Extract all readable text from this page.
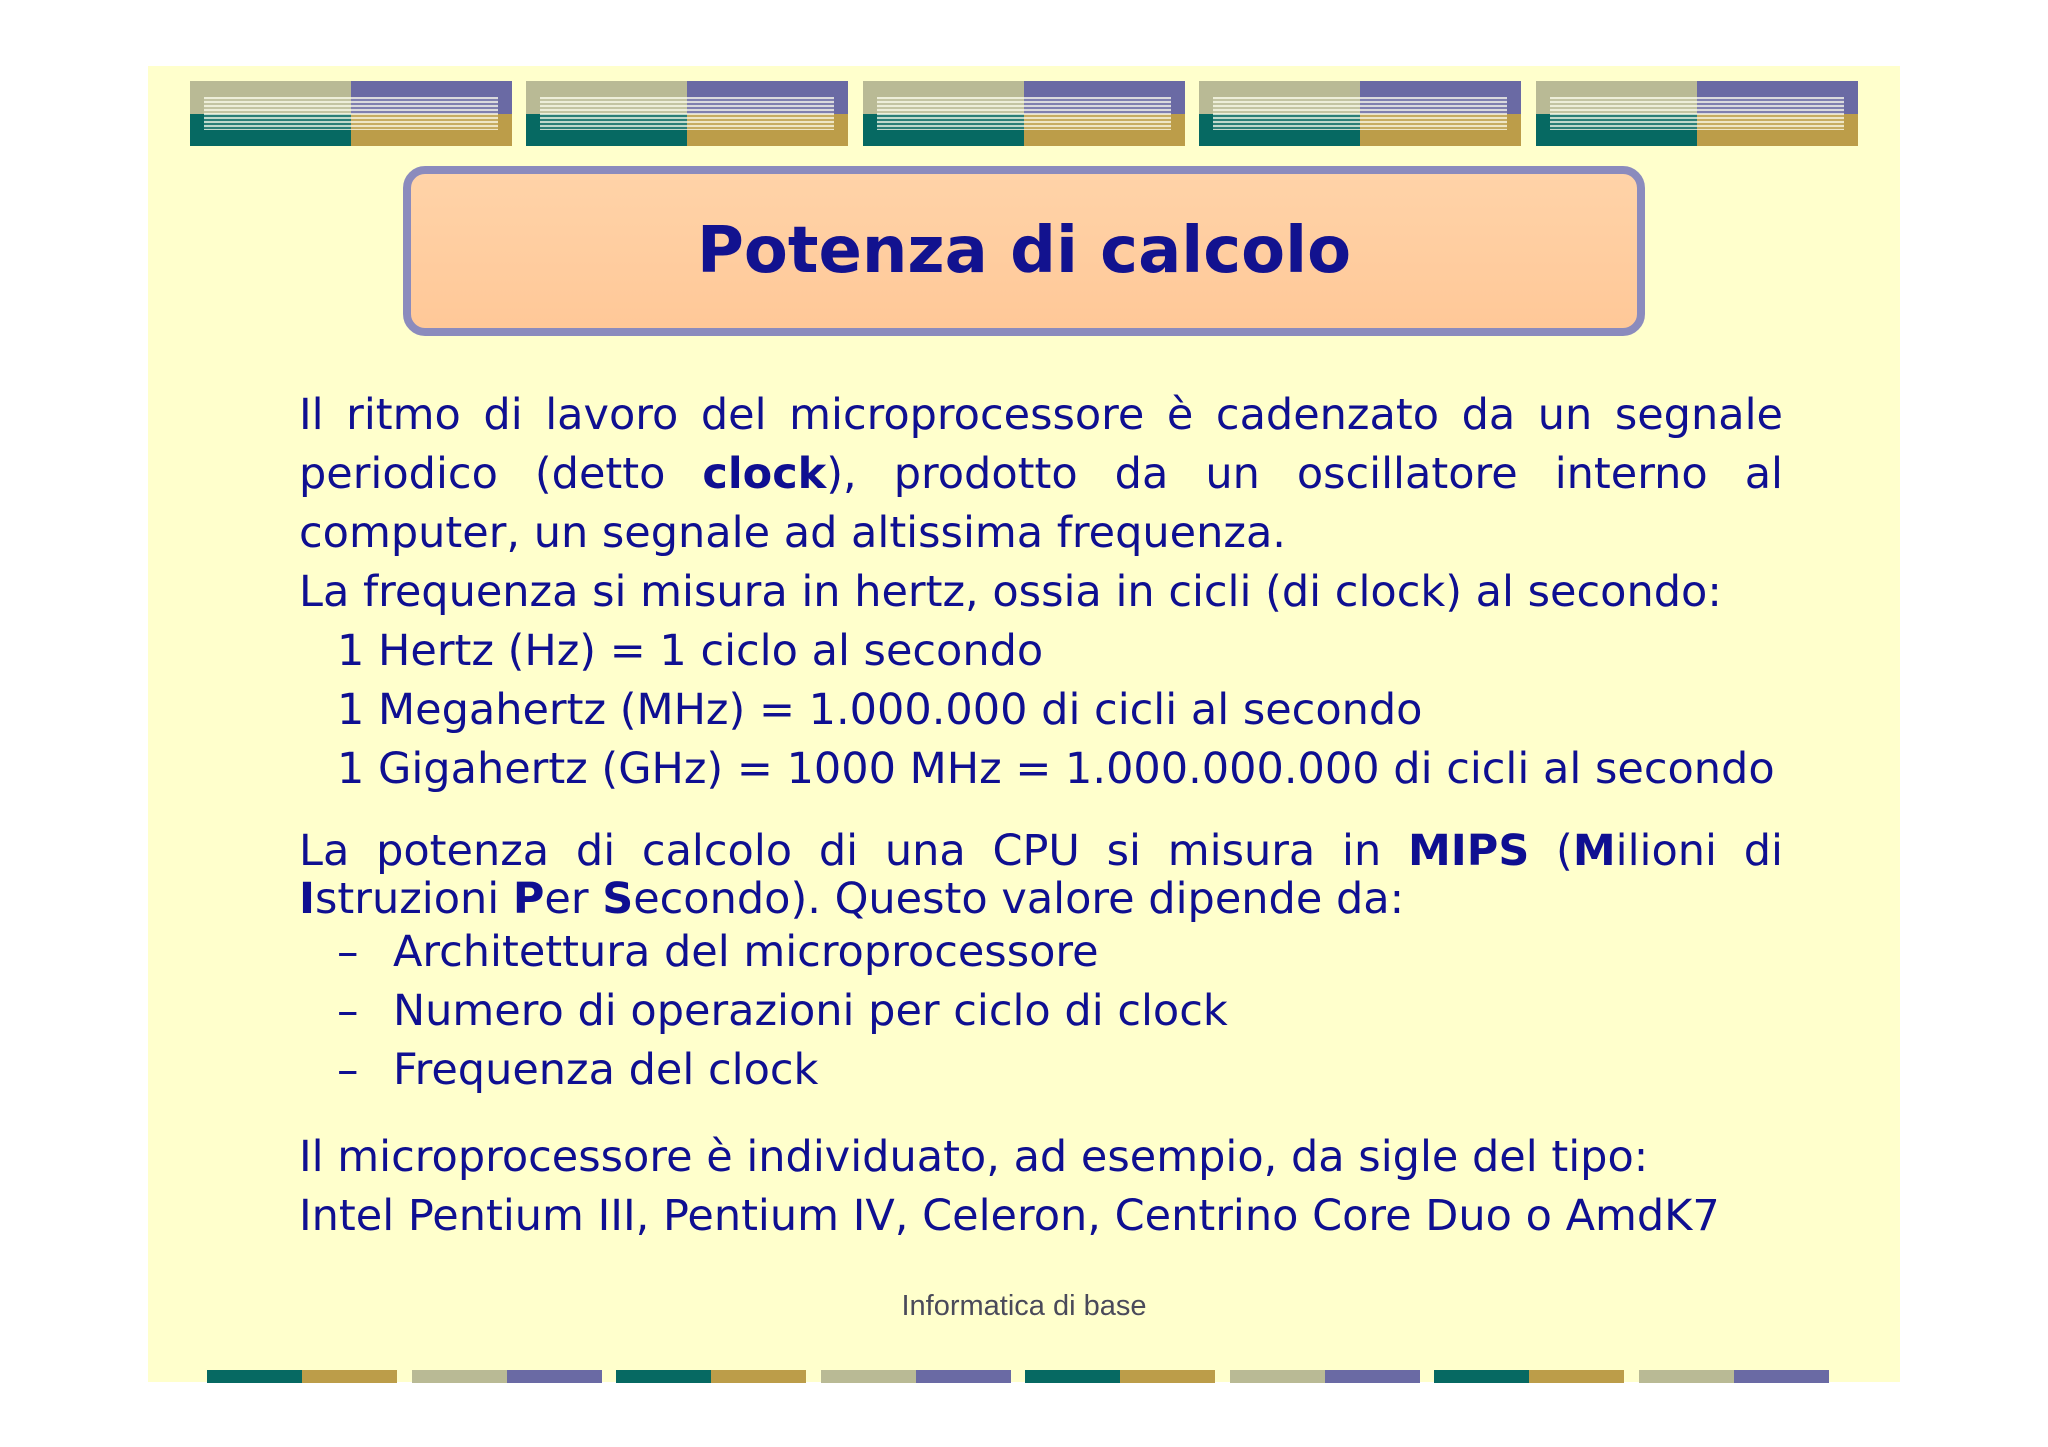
Potenza di calcolo

Il ritmo di lavoro del microprocessore è cadenzato da un segnale periodico (detto clock), prodotto da un oscillatore interno al computer, un segnale ad altissima frequenza.

La frequenza si misura in hertz, ossia in cicli (di clock) al secondo:

1 Hertz (Hz) = 1 ciclo al secondo

1 Megahertz (MHz) = 1.000.000 di cicli al secondo

1 Gigahertz (GHz) = 1000 MHz = 1.000.000.000 di cicli al secondo

La potenza di calcolo di una CPU si misura in MIPS (Milioni di Istruzioni Per Secondo). Questo valore dipende da:

– Architettura del microprocessore
– Numero di operazioni per ciclo di clock
– Frequenza del clock

Il microprocessore è individuato, ad esempio, da sigle del tipo:

Intel Pentium III, Pentium IV, Celeron, Centrino Core Duo o AmdK7

Informatica di base
